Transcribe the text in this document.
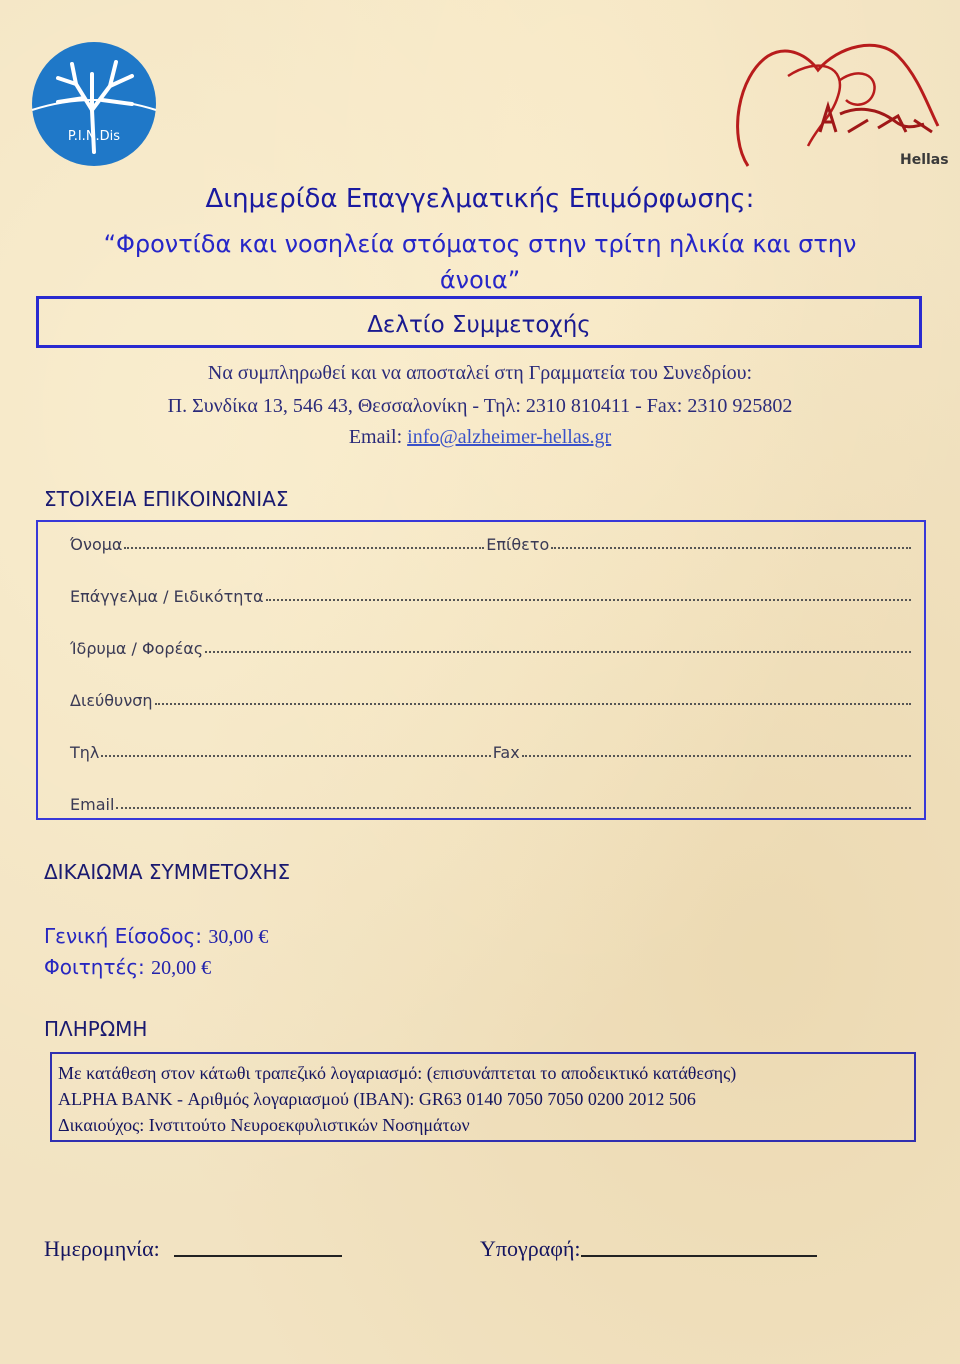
P.I.N.Dis
Hellas
Διημερίδα Επαγγελματικής Επιμόρφωσης:
“Φροντίδα και νοσηλεία στόματος στην τρίτη ηλικία και στην
άνοια”
Δελτίο Συμμετοχής
Να συμπληρωθεί και να αποσταλεί στη Γραμματεία του Συνεδρίου:
Π. Συνδίκα 13, 546 43, Θεσσαλονίκη - Τηλ: 2310 810411 - Fax: 2310 925802
Email: info@alzheimer-hellas.gr
ΣΤΟΙΧΕΙΑ ΕΠΙΚΟΙΝΩΝΙΑΣ
Όνομα	Επίθετο
Επάγγελμα / Ειδικότητα
Ίδρυμα / Φορέας
Διεύθυνση
Τηλ	Fax
Email
ΔΙΚΑΙΩΜΑ ΣΥΜΜΕΤΟΧΗΣ
Γενική Είσοδος: 30,00 €
Φοιτητές: 20,00 €
ΠΛΗΡΩΜΗ
Με κατάθεση στον κάτωθι τραπεζικό λογαριασμό: (επισυνάπτεται το αποδεικτικό κατάθεσης)
ALPHA BANK - Αριθμός λογαριασμού (IBAN): GR63 0140 7050 7050 0200 2012 506
Δικαιούχος: Ινστιτούτο Νευροεκφυλιστικών Νοσημάτων
Ημερομηνία:	Υπογραφή:
